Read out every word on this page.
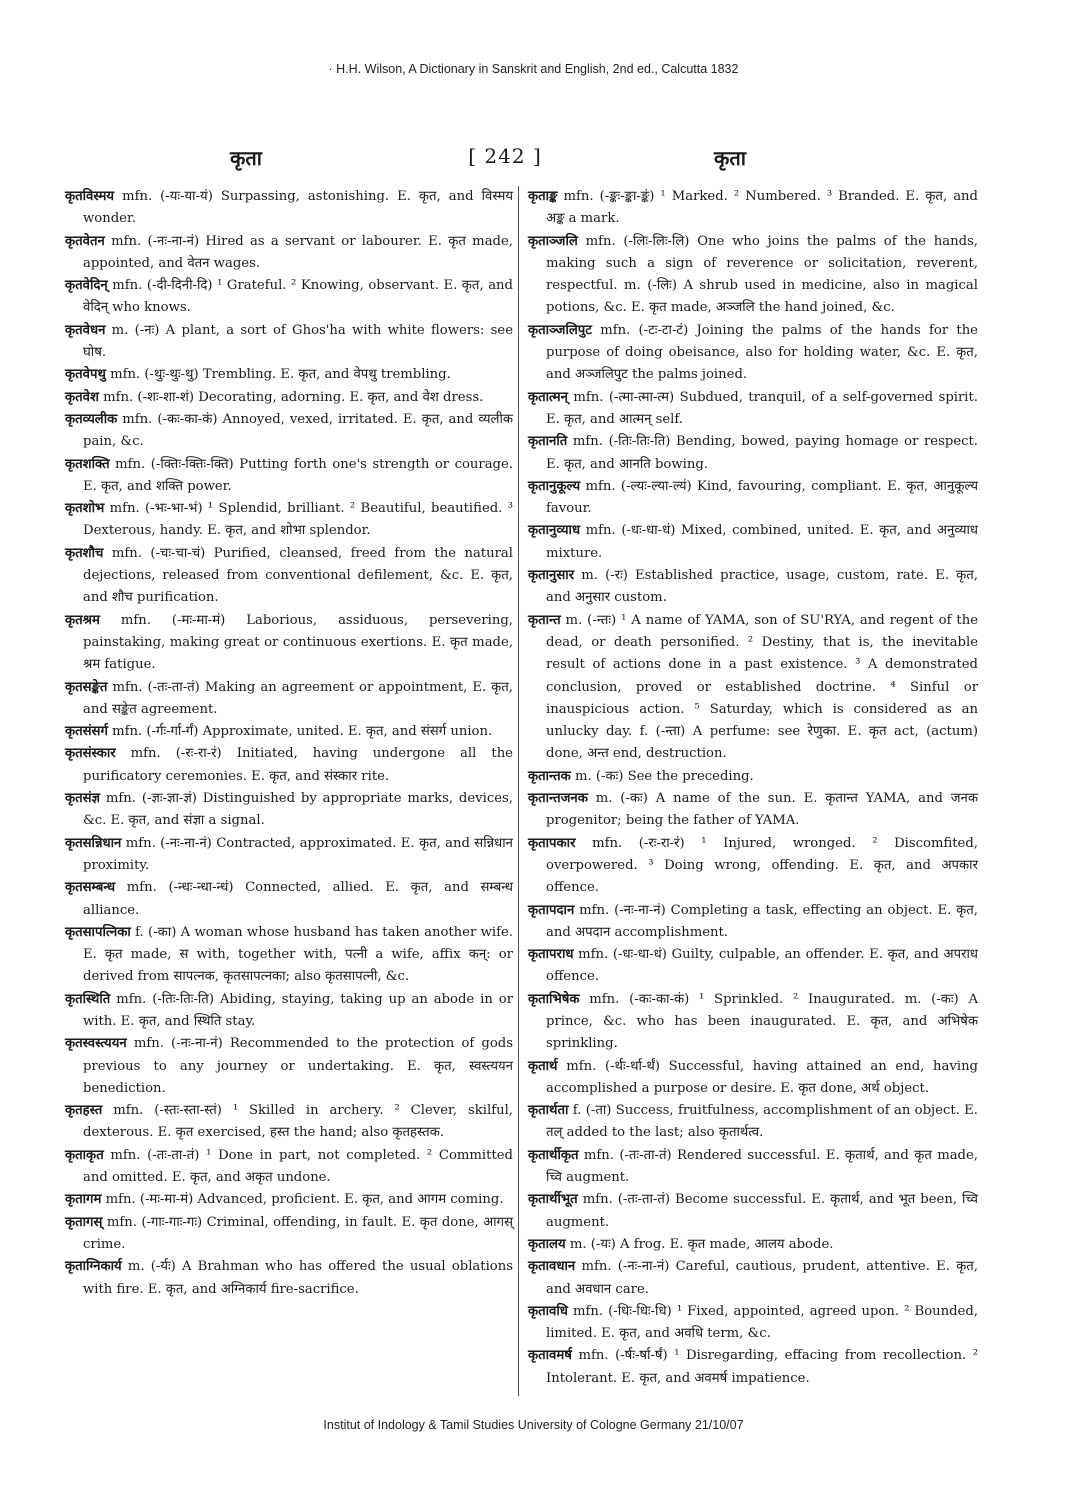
· H.H. Wilson, A Dictionary in Sanskrit and English, 2nd ed., Calcutta 1832
कृता	[ 242 ]	कृता

कृतविस्मय mfn. (-यः-या-यं) Surpassing, astonishing. E. कृत, and विस्मय wonder.

कृतवेतन mfn. (-नः-ना-नं) Hired as a servant or labourer. E. कृत made, appointed, and वेतन wages.

कृतवेदिन् mfn. (-दी-दिनी-दि) ¹ Grateful. ² Knowing, observant. E. कृत, and वेदिन् who knows.

कृतवेधन m. (-नः) A plant, a sort of Ghos'ha with white flowers: see घोष.

कृतवेपथु mfn. (-थुः-थुः-थु) Trembling. E. कृत, and वेपथु trembling.

कृतवेश mfn. (-शः-शा-शं) Decorating, adorning. E. कृत, and वेश dress.

कृतव्यलीक mfn. (-कः-का-कं) Annoyed, vexed, irritated. E. कृत, and व्यलीक pain, &c.

कृतशक्ति mfn. (-क्तिः-क्तिः-क्ति) Putting forth one's strength or courage. E. कृत, and शक्ति power.

कृतशोभ mfn. (-भः-भा-भं) ¹ Splendid, brilliant. ² Beautiful, beautified. ³ Dexterous, handy. E. कृत, and शोभा splendor.

कृतशौच mfn. (-चः-चा-चं) Purified, cleansed, freed from the natural dejections, released from conventional defilement, &c. E. कृत, and शौच purification.

कृतश्रम mfn. (-मः-मा-मं) Laborious, assiduous, persevering, painstaking, making great or continuous exertions. E. कृत made, श्रम fatigue.

कृतसङ्केत mfn. (-तः-ता-तं) Making an agreement or appointment, E. कृत, and सङ्केत agreement.

कृतसंसर्ग mfn. (-र्गः-र्गा-र्गं) Approximate, united. E. कृत, and संसर्ग union.

कृतसंस्कार mfn. (-रः-रा-रं) Initiated, having undergone all the purificatory ceremonies. E. कृत, and संस्कार rite.

कृतसंज्ञ mfn. (-ज्ञः-ज्ञा-ज्ञं) Distinguished by appropriate marks, devices, &c. E. कृत, and संज्ञा a signal.

कृतसन्निधान mfn. (-नः-ना-नं) Contracted, approximated. E. कृत, and सन्निधान proximity.

कृतसम्बन्ध mfn. (-न्धः-न्धा-न्धं) Connected, allied. E. कृत, and सम्बन्ध alliance.

कृतसापत्निका f. (-का) A woman whose husband has taken another wife. E. कृत made, स with, together with, पत्नी a wife, affix कन्: or derived from सापत्नक, कृतसापत्नका; also कृतसापत्नी, &c.

कृतस्थिति mfn. (-तिः-तिः-ति) Abiding, staying, taking up an abode in or with. E. कृत, and स्थिति stay.

कृतस्वस्त्ययन mfn. (-नः-ना-नं) Recommended to the protection of gods previous to any journey or undertaking. E. कृत, स्वस्त्ययन benediction.

कृतहस्त mfn. (-स्तः-स्ता-स्तं) ¹ Skilled in archery. ² Clever, skilful, dexterous. E. कृत exercised, हस्त the hand; also कृतहस्तक.

कृताकृत mfn. (-तः-ता-तं) ¹ Done in part, not completed. ² Committed and omitted. E. कृत, and अकृत undone.

कृतागम mfn. (-मः-मा-मं) Advanced, proficient. E. कृत, and आगम coming.

कृतागस् mfn. (-गाः-गाः-गः) Criminal, offending, in fault. E. कृत done, आगस् crime.

कृताग्निकार्य m. (-र्यः) A Brahman who has offered the usual oblations with fire. E. कृत, and अग्निकार्य fire-sacrifice.

कृताङ्क mfn. (-ङ्कः-ङ्का-ङ्कं) ¹ Marked. ² Numbered. ³ Branded. E. कृत, and अङ्क a mark.

कृताञ्जलि mfn. (-लिः-लिः-लि) One who joins the palms of the hands, making such a sign of reverence or solicitation, reverent, respectful. m. (-लिः) A shrub used in medicine, also in magical potions, &c. E. कृत made, अञ्जलि the hand joined, &c.

कृताञ्जलिपुट mfn. (-टः-टा-टं) Joining the palms of the hands for the purpose of doing obeisance, also for holding water, &c. E. कृत, and अञ्जलिपुट the palms joined.

कृतात्मन् mfn. (-त्मा-त्मा-त्म) Subdued, tranquil, of a self-governed spirit. E. कृत, and आत्मन् self.

कृतानति mfn. (-तिः-तिः-ति) Bending, bowed, paying homage or respect. E. कृत, and आनति bowing.

कृतानुकूल्य mfn. (-ल्यः-ल्या-ल्यं) Kind, favouring, compliant. E. कृत, आनुकूल्य favour.

कृतानुव्याध mfn. (-धः-धा-धं) Mixed, combined, united. E. कृत, and अनुव्याध mixture.

कृतानुसार m. (-रः) Established practice, usage, custom, rate. E. कृत, and अनुसार custom.

कृतान्त m. (-न्तः) ¹ A name of YAMA, son of SU'RYA, and regent of the dead, or death personified. ² Destiny, that is, the inevitable result of actions done in a past existence. ³ A demonstrated conclusion, proved or established doctrine. ⁴ Sinful or inauspicious action. ⁵ Saturday, which is considered as an unlucky day. f. (-न्ता) A perfume: see रेणुका. E. कृत act, (actum) done, अन्त end, destruction.

कृतान्तक m. (-कः) See the preceding.

कृतान्तजनक m. (-कः) A name of the sun. E. कृतान्त YAMA, and जनक progenitor; being the father of YAMA.

कृतापकार mfn. (-रः-रा-रं) ¹ Injured, wronged. ² Discomfited, overpowered. ³ Doing wrong, offending. E. कृत, and अपकार offence.

कृतापदान mfn. (-नः-ना-नं) Completing a task, effecting an object. E. कृत, and अपदान accomplishment.

कृतापराध mfn. (-धः-धा-धं) Guilty, culpable, an offender. E. कृत, and अपराध offence.

कृताभिषेक mfn. (-कः-का-कं) ¹ Sprinkled. ² Inaugurated. m. (-कः) A prince, &c. who has been inaugurated. E. कृत, and अभिषेक sprinkling.

कृतार्थ mfn. (-र्थः-र्था-र्थं) Successful, having attained an end, having accomplished a purpose or desire. E. कृत done, अर्थ object.

कृतार्थता f. (-ता) Success, fruitfulness, accomplishment of an object. E. तल् added to the last; also कृतार्थत्व.

कृतार्थीकृत mfn. (-तः-ता-तं) Rendered successful. E. कृतार्थ, and कृत made, च्वि augment.

कृतार्थीभूत mfn. (-तः-ता-तं) Become successful. E. कृतार्थ, and भूत been, च्वि augment.

कृतालय m. (-यः) A frog. E. कृत made, आलय abode.

कृतावधान mfn. (-नः-ना-नं) Careful, cautious, prudent, attentive. E. कृत, and अवधान care.

कृतावधि mfn. (-धिः-धिः-धि) ¹ Fixed, appointed, agreed upon. ² Bounded, limited. E. कृत, and अवधि term, &c.

कृतावमर्ष mfn. (-र्षः-र्षा-र्षं) ¹ Disregarding, effacing from recollection. ² Intolerant. E. कृत, and अवमर्ष impatience.

Institut of Indology & Tamil Studies University of Cologne Germany 21/10/07
